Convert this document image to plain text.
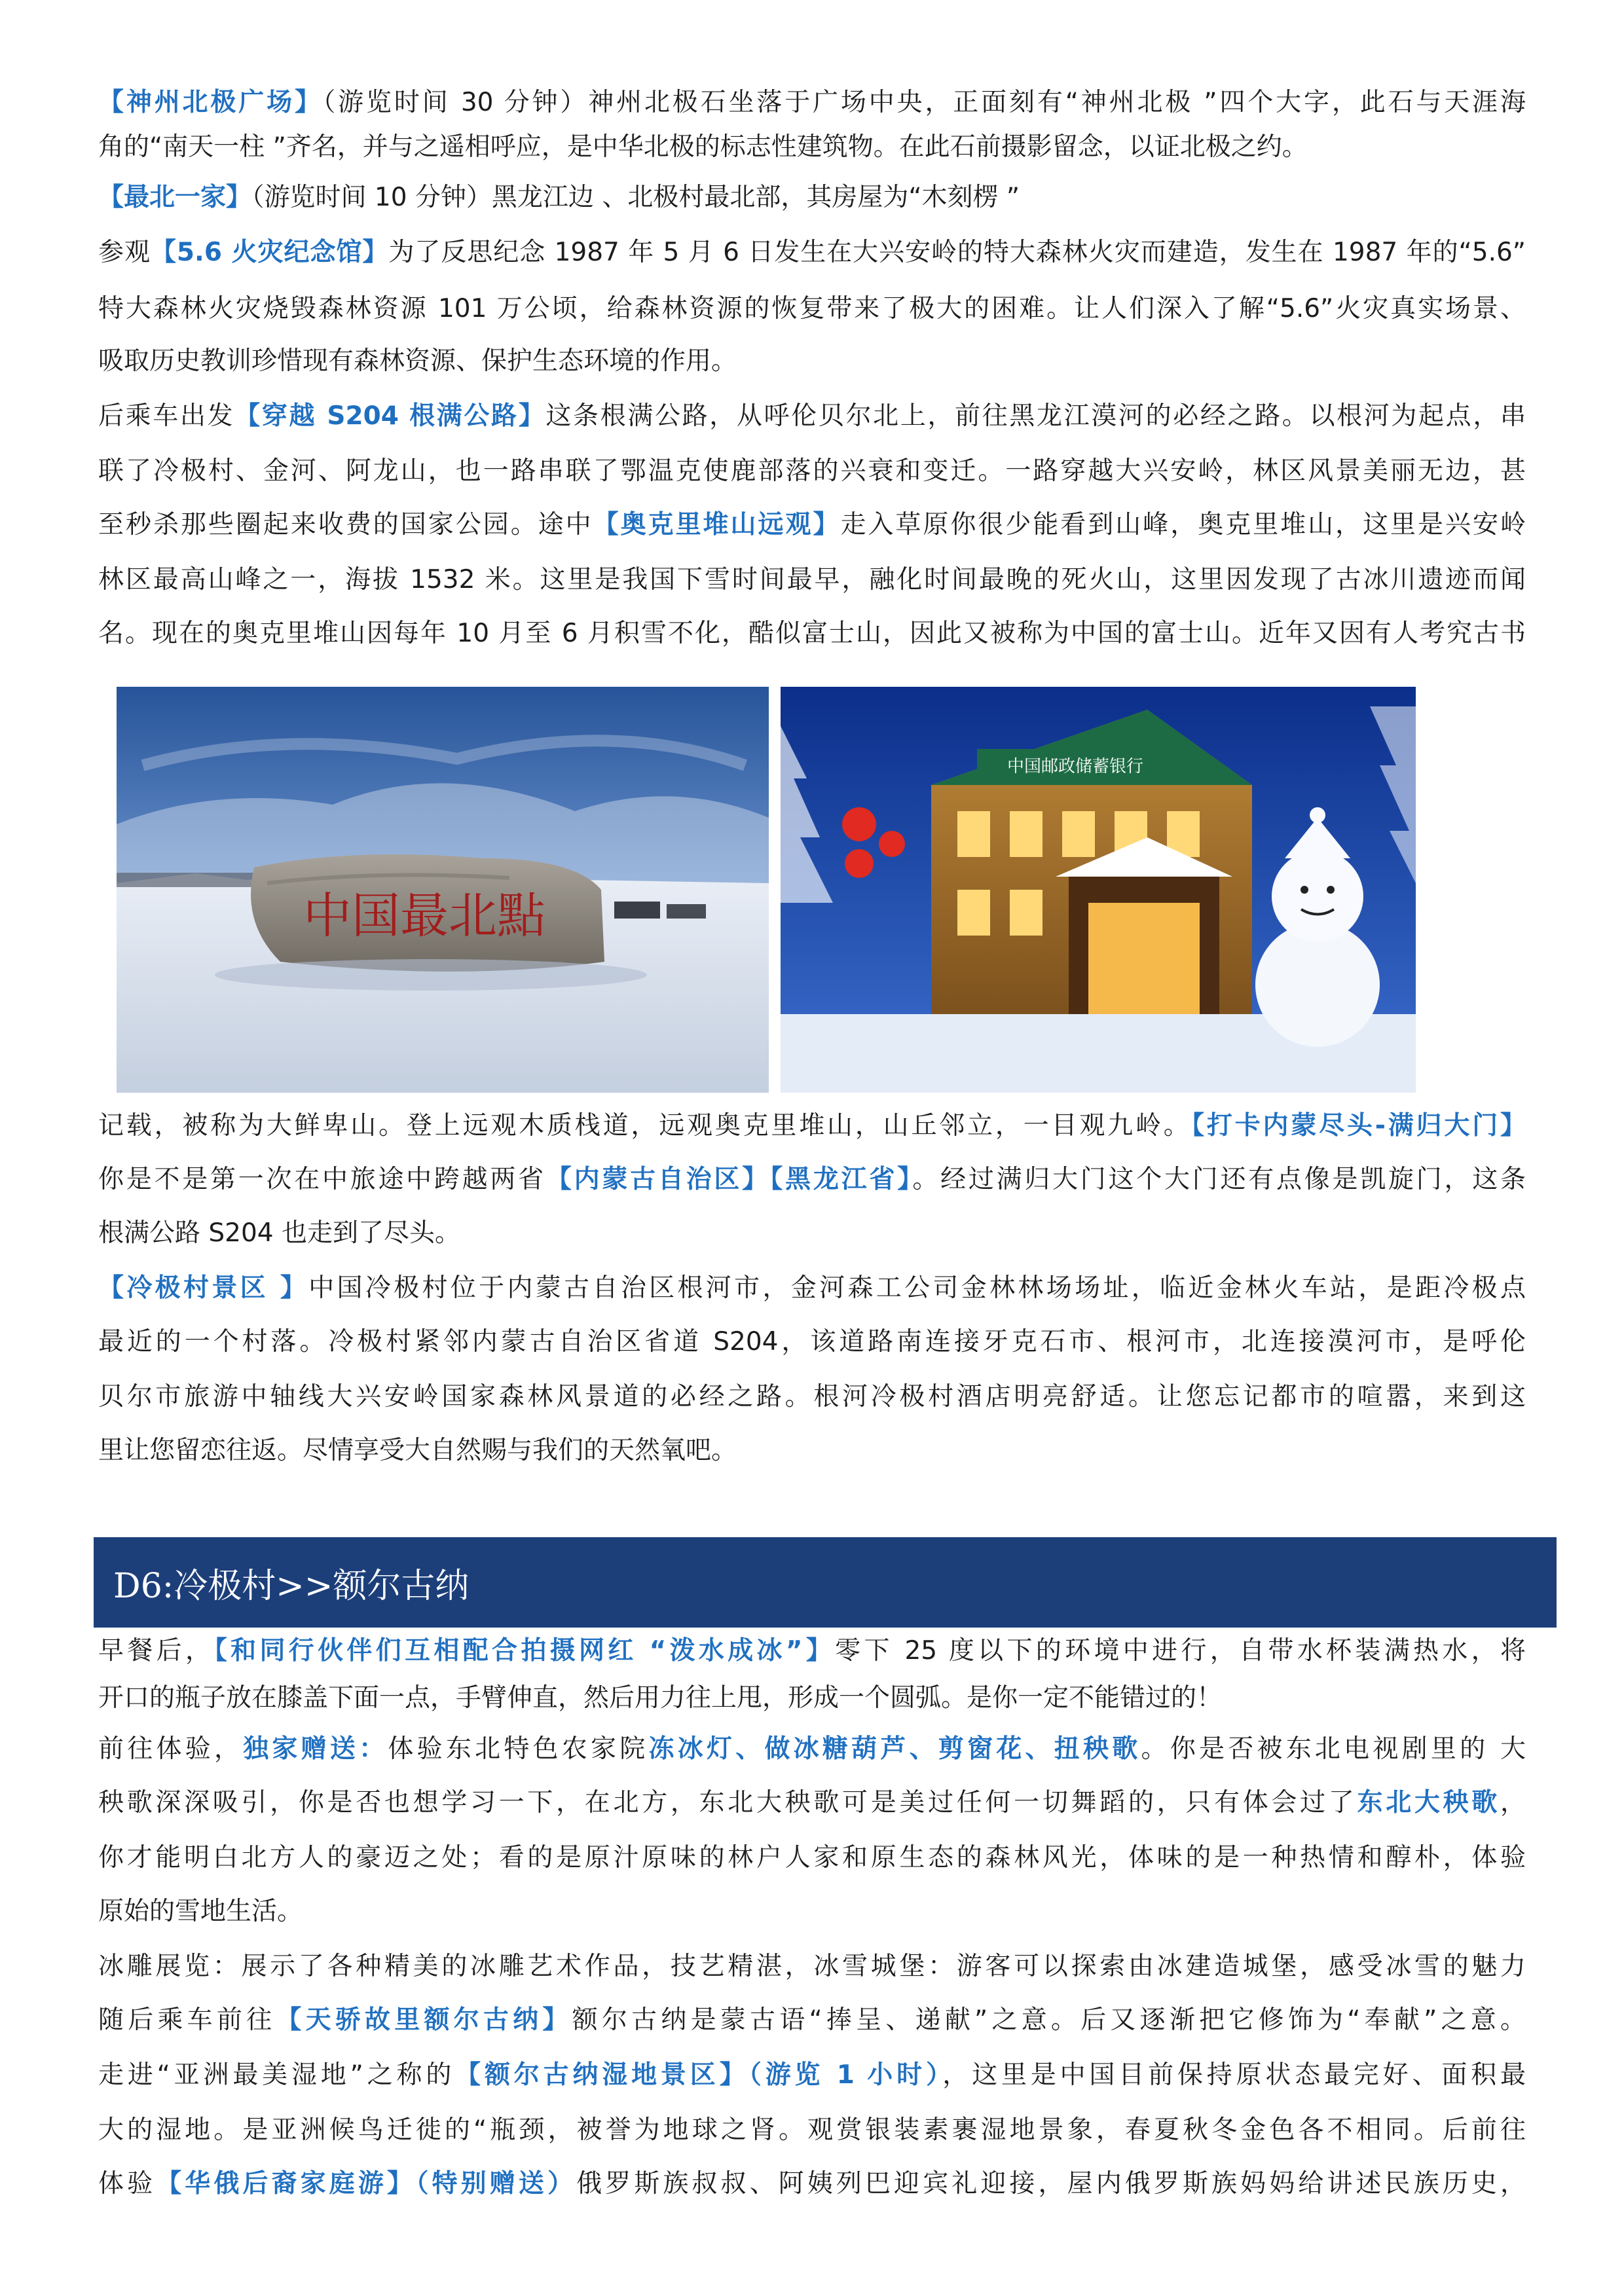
【神州北极广场】（游览时间 30 分钟）神州北极石坐落于广场中央，正面刻有“神州北极 ”四个大字，此石与天涯海
角的“南天一柱 ”齐名，并与之遥相呼应，是中华北极的标志性建筑物。在此石前摄影留念，以证北极之约。
【最北一家】（游览时间 10 分钟）黑龙江边 、北极村最北部，其房屋为“木刻楞 ”
参观【5.6 火灾纪念馆】为了反思纪念 1987 年 5 月 6 日发生在大兴安岭的特大森林火灾而建造，发生在 1987 年的“5.6”
特大森林火灾烧毁森林资源 101 万公顷，给森林资源的恢复带来了极大的困难。让人们深入了解“5.6”火灾真实场景、
吸取历史教训珍惜现有森林资源、保护生态环境的作用。
后乘车出发【穿越 S204 根满公路】这条根满公路，从呼伦贝尔北上，前往黑龙江漠河的必经之路。以根河为起点，串
联了冷极村、金河、阿龙山，也一路串联了鄂温克使鹿部落的兴衰和变迁。一路穿越大兴安岭，林区风景美丽无边，甚
至秒杀那些圈起来收费的国家公园。途中【奥克里堆山远观】走入草原你很少能看到山峰，奥克里堆山，这里是兴安岭
林区最高山峰之一，海拔 1532 米。这里是我国下雪时间最早，融化时间最晚的死火山，这里因发现了古冰川遗迹而闻
名。现在的奥克里堆山因每年 10 月至 6 月积雪不化，酷似富士山，因此又被称为中国的富士山。近年又因有人考究古书
中国最北點
中国邮政储蓄银行
记载，被称为大鲜卑山。登上远观木质栈道，远观奥克里堆山，山丘邻立，一目观九岭。【打卡内蒙尽头-满归大门】
你是不是第一次在中旅途中跨越两省【内蒙古自治区】【黑龙江省】。经过满归大门这个大门还有点像是凯旋门，这条
根满公路 S204 也走到了尽头。
【冷极村景区 】中国冷极村位于内蒙古自治区根河市，金河森工公司金林林场场址，临近金林火车站，是距冷极点
最近的一个村落。冷极村紧邻内蒙古自治区省道 S204，该道路南连接牙克石市、根河市，北连接漠河市，是呼伦
贝尔市旅游中轴线大兴安岭国家森林风景道的必经之路。根河冷极村酒店明亮舒适。让您忘记都市的喧嚣，来到这
里让您留恋往返。尽情享受大自然赐与我们的天然氧吧。
D6:冷极村>>额尔古纳
早餐后，【和同行伙伴们互相配合拍摄网红 “泼水成冰”】零下 25 度以下的环境中进行，自带水杯装满热水，将
开口的瓶子放在膝盖下面一点，手臂伸直，然后用力往上甩，形成一个圆弧。是你一定不能错过的！
前往体验，独家赠送：体验东北特色农家院冻冰灯、做冰糖葫芦、剪窗花、扭秧歌。你是否被东北电视剧里的 大
秧歌深深吸引，你是否也想学习一下，在北方，东北大秧歌可是美过任何一切舞蹈的，只有体会过了东北大秧歌，
你才能明白北方人的豪迈之处；看的是原汁原味的林户人家和原生态的森林风光，体味的是一种热情和醇朴，体验
原始的雪地生活。
冰雕展览：展示了各种精美的冰雕艺术作品，技艺精湛，冰雪城堡：游客可以探索由冰建造城堡，感受冰雪的魅力
随后乘车前往【天骄故里额尔古纳】额尔古纳是蒙古语“捧呈、递献”之意。后又逐渐把它修饰为“奉献”之意。
走进“亚洲最美湿地”之称的【额尔古纳湿地景区】（游览 1 小时），这里是中国目前保持原状态最完好、面积最
大的湿地。是亚洲候鸟迁徙的“瓶颈，被誉为地球之肾。观赏银装素裹湿地景象，春夏秋冬金色各不相同。后前往
体验【华俄后裔家庭游】（特别赠送）俄罗斯族叔叔、阿姨列巴迎宾礼迎接，屋内俄罗斯族妈妈给讲述民族历史，
